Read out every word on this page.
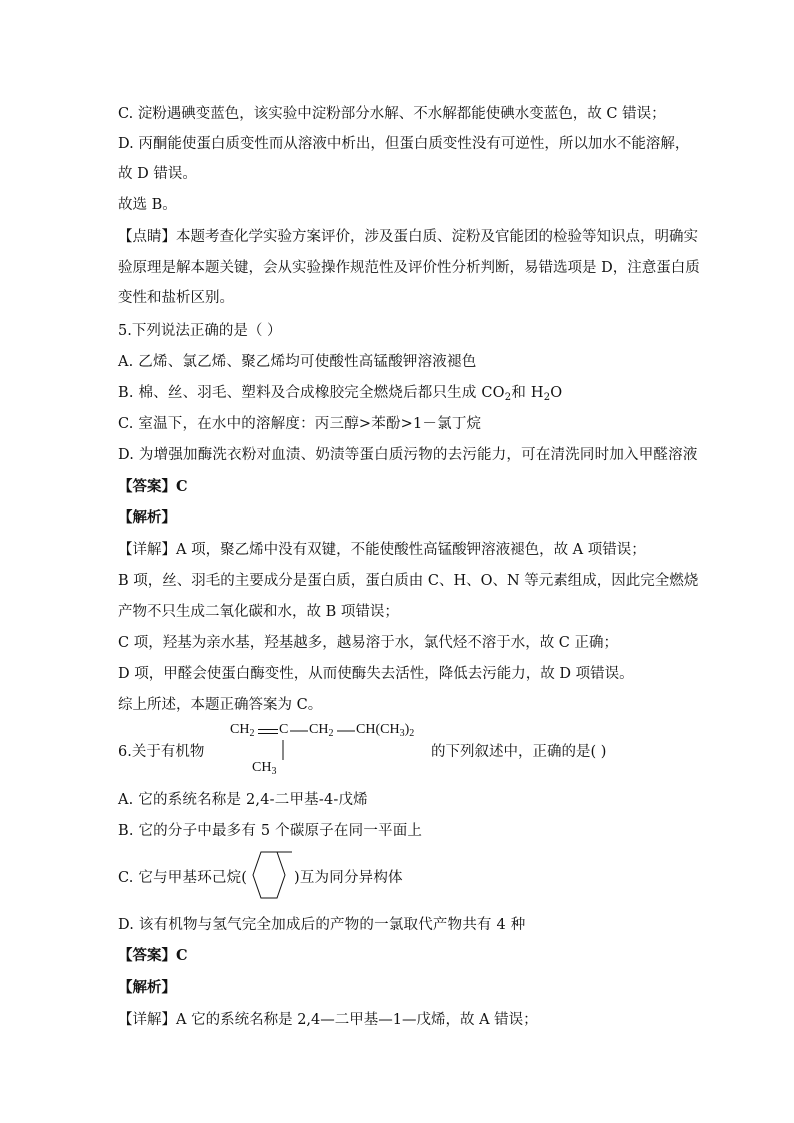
C. 淀粉遇碘变蓝色，该实验中淀粉部分水解、不水解都能使碘水变蓝色，故 C 错误；
D. 丙酮能使蛋白质变性而从溶液中析出，但蛋白质变性没有可逆性，所以加水不能溶解，
故 D 错误。
故选 B。
【点睛】本题考查化学实验方案评价，涉及蛋白质、淀粉及官能团的检验等知识点，明确实
验原理是解本题关键，会从实验操作规范性及评价性分析判断，易错选项是 D，注意蛋白质
变性和盐析区别。
5.下列说法正确的是（ ）
A. 乙烯、氯乙烯、聚乙烯均可使酸性高锰酸钾溶液褪色
B. 棉、丝、羽毛、塑料及合成橡胶完全燃烧后都只生成 $CO_2$和 $H_2O$
C. 室温下，在水中的溶解度：丙三醇>苯酚>1－氯丁烷
D. 为增强加酶洗衣粉对血渍、奶渍等蛋白质污物的去污能力，可在清洗同时加入甲醛溶液
【答案】C
【解析】
【详解】A 项，聚乙烯中没有双键，不能使酸性高锰酸钾溶液褪色，故 A 项错误；
B 项，丝、羽毛的主要成分是蛋白质，蛋白质由 C、H、O、N 等元素组成，因此完全燃烧
产物不只生成二氧化碳和水，故 B 项错误；
C 项，羟基为亲水基，羟基越多，越易溶于水，氯代烃不溶于水，故 C 正确；
D 项，甲醛会使蛋白酶变性，从而使酶失去活性，降低去污能力，故 D 项错误。
综上所述，本题正确答案为 C。
6.关于有机物
$CH_2$ C $CH_2$ $CH(CH_3)_2$
$CH_3$
的下列叙述中，正确的是( )
A. 它的系统名称是 2,4-二甲基-4-戊烯
B. 它的分子中最多有 5 个碳原子在同一平面上
C. 它与甲基环己烷(	)互为同分异构体
D. 该有机物与氢气完全加成后的产物的一氯取代产物共有 4 种
【答案】C
【解析】
【详解】A 它的系统名称是 2,4—二甲基—1—戊烯，故 A 错误；
